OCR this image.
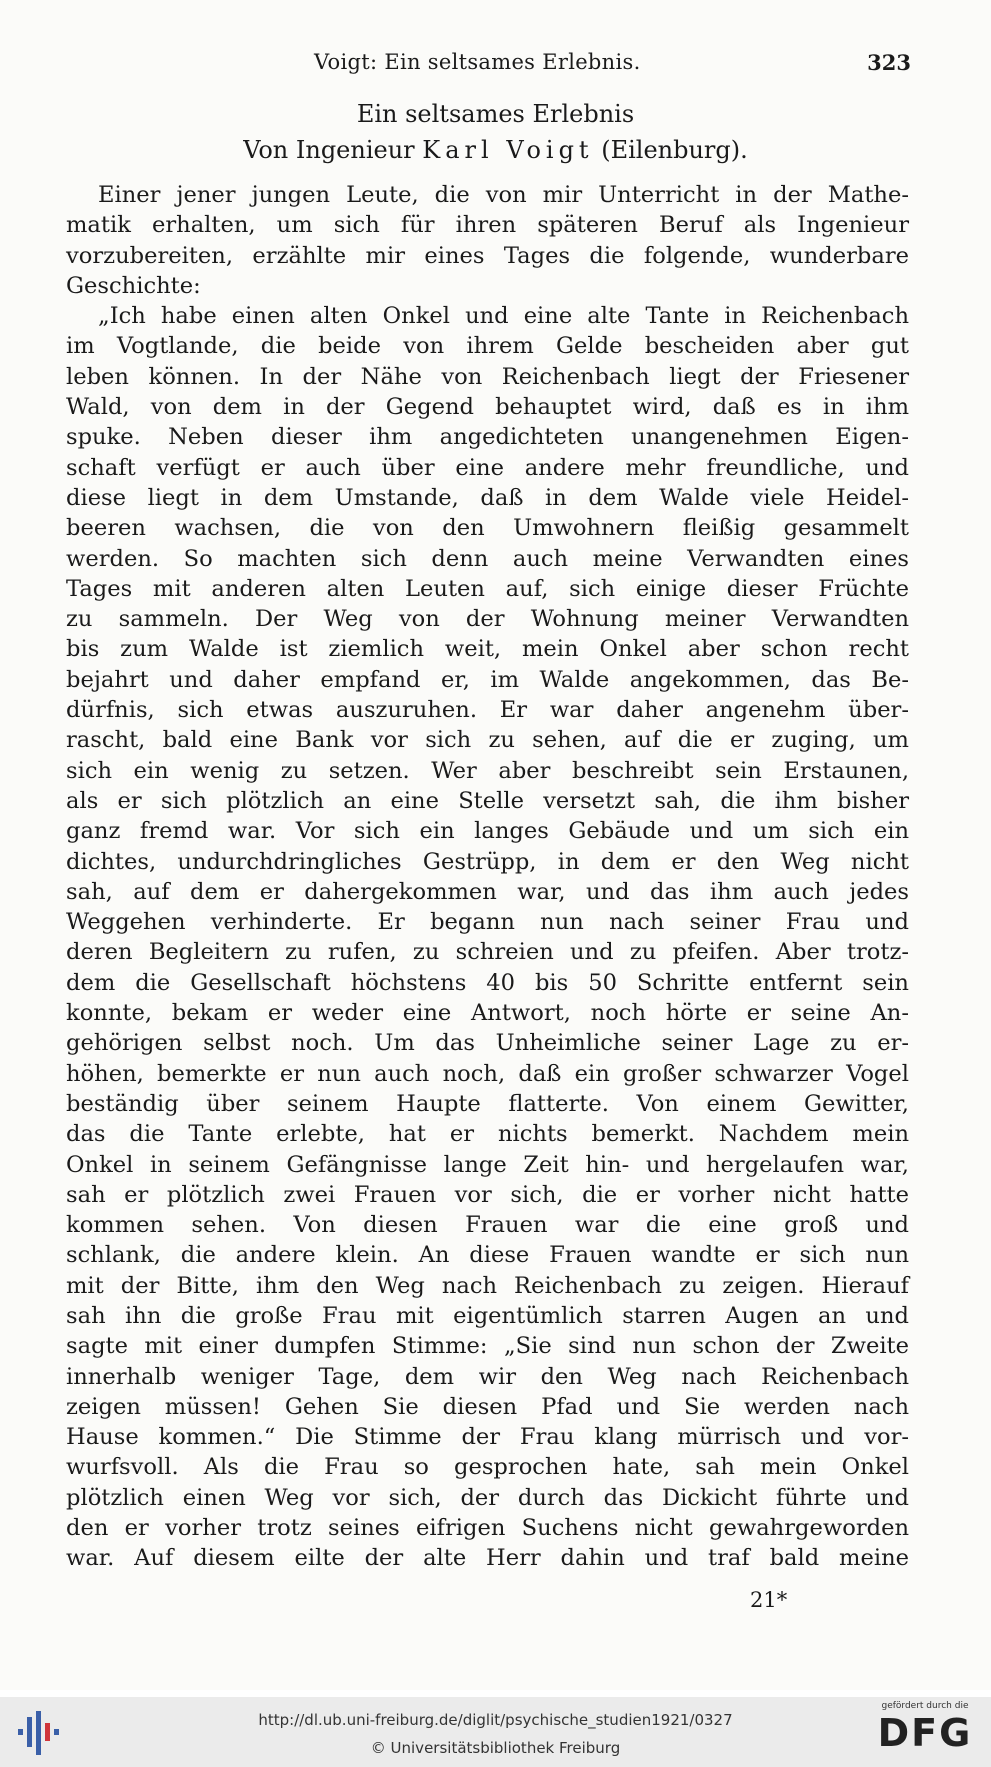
Voigt: Ein seltsames Erlebnis.	323
Ein seltsames Erlebnis
Von Ingenieur Karl Voigt (Eilenburg).
Einer jener jungen Leute, die von mir Unterricht in der Mathe-
matik erhalten, um sich für ihren späteren Beruf als Ingenieur
vorzubereiten, erzählte mir eines Tages die folgende, wunderbare
Geschichte:
„Ich habe einen alten Onkel und eine alte Tante in Reichenbach
im Vogtlande, die beide von ihrem Gelde bescheiden aber gut
leben können. In der Nähe von Reichenbach liegt der Friesener
Wald, von dem in der Gegend behauptet wird, daß es in ihm
spuke. Neben dieser ihm angedichteten unangenehmen Eigen-
schaft verfügt er auch über eine andere mehr freundliche, und
diese liegt in dem Umstande, daß in dem Walde viele Heidel-
beeren wachsen, die von den Umwohnern fleißig gesammelt
werden. So machten sich denn auch meine Verwandten eines
Tages mit anderen alten Leuten auf, sich einige dieser Früchte
zu sammeln. Der Weg von der Wohnung meiner Verwandten
bis zum Walde ist ziemlich weit, mein Onkel aber schon recht
bejahrt und daher empfand er, im Walde angekommen, das Be-
dürfnis, sich etwas auszuruhen. Er war daher angenehm über-
rascht, bald eine Bank vor sich zu sehen, auf die er zuging, um
sich ein wenig zu setzen. Wer aber beschreibt sein Erstaunen,
als er sich plötzlich an eine Stelle versetzt sah, die ihm bisher
ganz fremd war. Vor sich ein langes Gebäude und um sich ein
dichtes, undurchdringliches Gestrüpp, in dem er den Weg nicht
sah, auf dem er dahergekommen war, und das ihm auch jedes
Weggehen verhinderte. Er begann nun nach seiner Frau und
deren Begleitern zu rufen, zu schreien und zu pfeifen. Aber trotz-
dem die Gesellschaft höchstens 40 bis 50 Schritte entfernt sein
konnte, bekam er weder eine Antwort, noch hörte er seine An-
gehörigen selbst noch. Um das Unheimliche seiner Lage zu er-
höhen, bemerkte er nun auch noch, daß ein großer schwarzer Vogel
beständig über seinem Haupte flatterte. Von einem Gewitter,
das die Tante erlebte, hat er nichts bemerkt. Nachdem mein
Onkel in seinem Gefängnisse lange Zeit hin- und hergelaufen war,
sah er plötzlich zwei Frauen vor sich, die er vorher nicht hatte
kommen sehen. Von diesen Frauen war die eine groß und
schlank, die andere klein. An diese Frauen wandte er sich nun
mit der Bitte, ihm den Weg nach Reichenbach zu zeigen. Hierauf
sah ihn die große Frau mit eigentümlich starren Augen an und
sagte mit einer dumpfen Stimme: „Sie sind nun schon der Zweite
innerhalb weniger Tage, dem wir den Weg nach Reichenbach
zeigen müssen! Gehen Sie diesen Pfad und Sie werden nach
Hause kommen.“ Die Stimme der Frau klang mürrisch und vor-
wurfsvoll. Als die Frau so gesprochen hate, sah mein Onkel
plötzlich einen Weg vor sich, der durch das Dickicht führte und
den er vorher trotz seines eifrigen Suchens nicht gewahrgeworden
war. Auf diesem eilte der alte Herr dahin und traf bald meine
21*
http://dl.ub.uni-freiburg.de/diglit/psychische_studien1921/0327
© Universitätsbibliothek Freiburg
gefördert durch die
DFG
